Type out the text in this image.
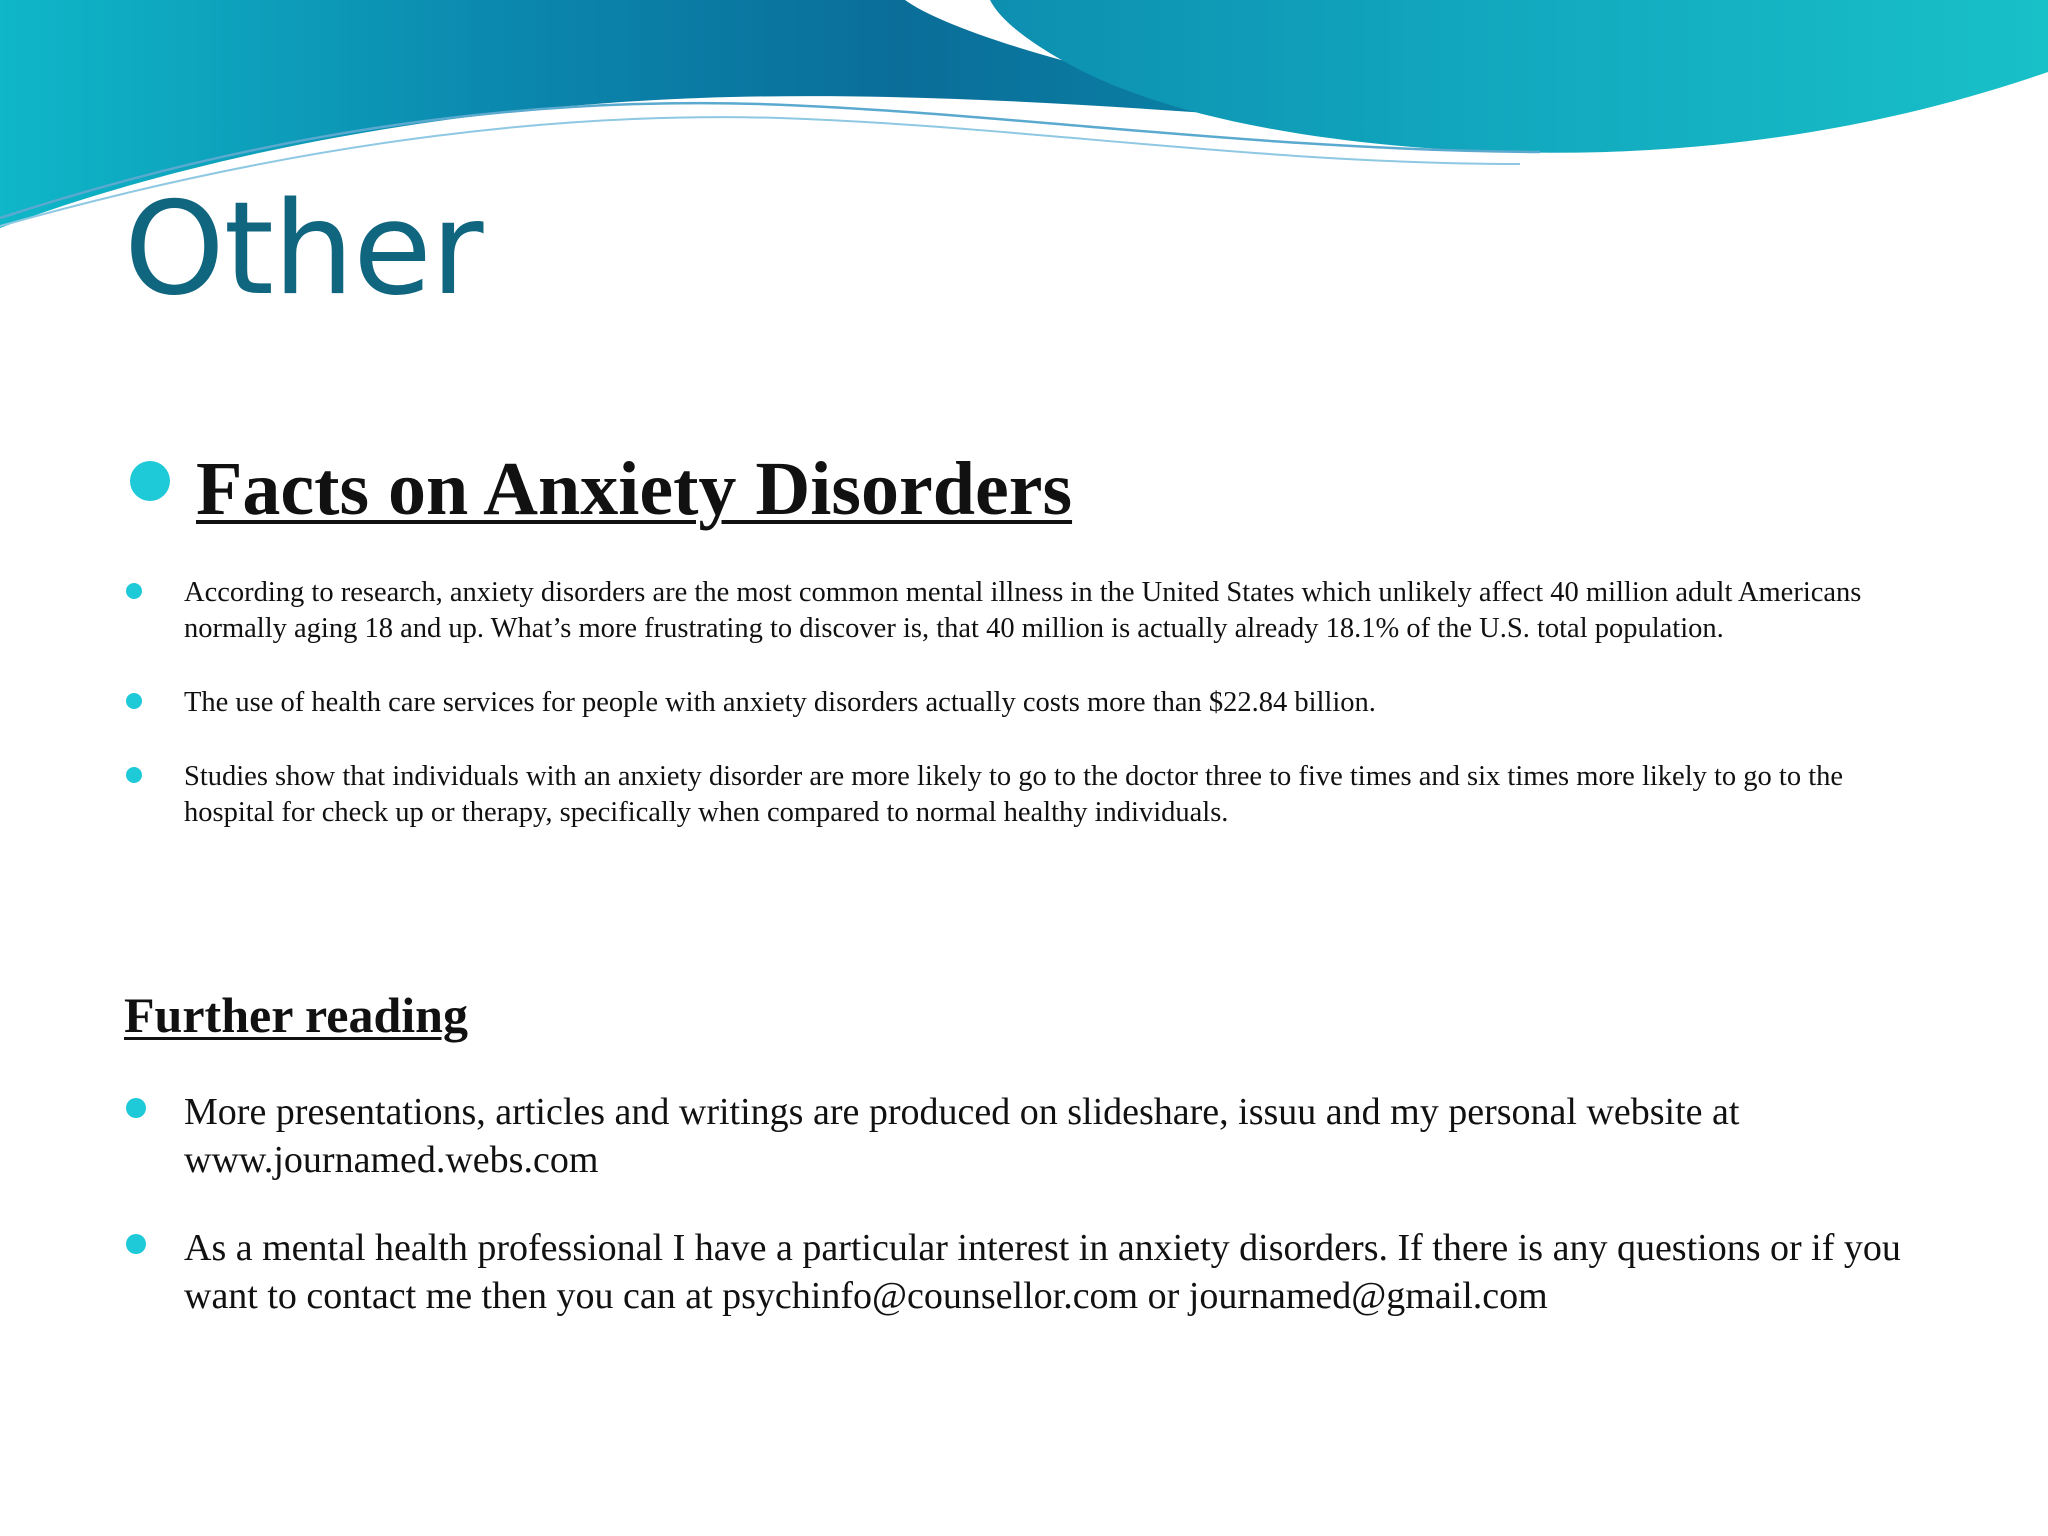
Other
Facts on Anxiety Disorders
According to research, anxiety disorders are the most common mental illness in the United States which unlikely affect 40 million adult Americans normally aging 18 and up. What’s more frustrating to discover is, that 40 million is actually already 18.1% of the U.S. total population.
The use of health care services for people with anxiety disorders actually costs more than $22.84 billion.
Studies show that individuals with an anxiety disorder are more likely to go to the doctor three to five times and six times more likely to go to the hospital for check up or therapy, specifically when compared to normal healthy individuals.
Further reading
More presentations, articles and writings are produced on slideshare, issuu and my personal website at www.journamed.webs.com
As a mental health professional I have a particular interest in anxiety disorders. If there is any questions or if you want to contact me then you can at psychinfo@counsellor.com or journamed@gmail.com
